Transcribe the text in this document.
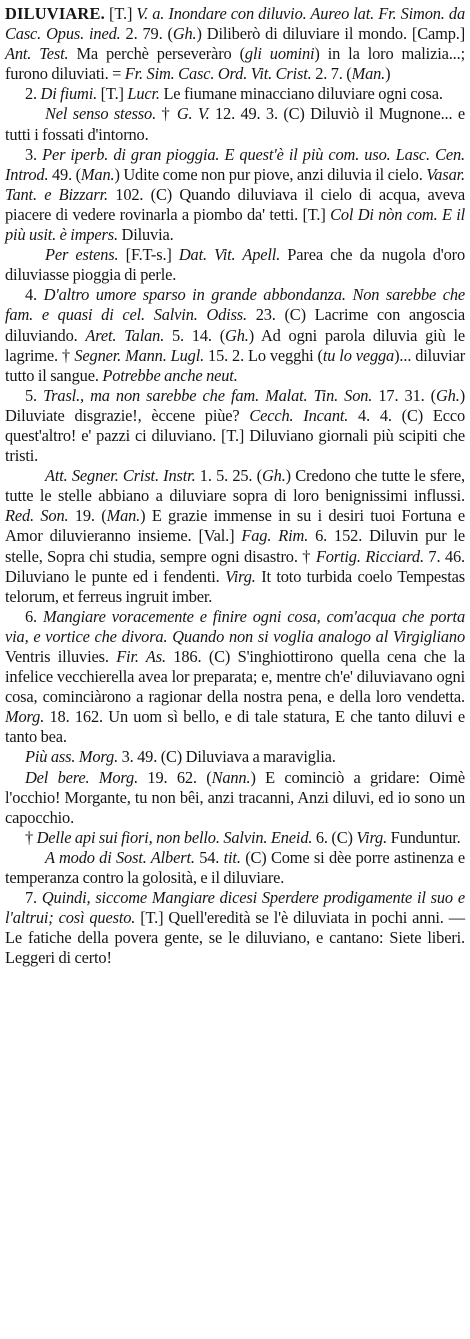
DILUVIARE. [T.] V. a. Inondare con diluvio. Aureo lat. Fr. Simon. da Casc. Opus. ined. 2. 79. (Gh.) Diliberò di diluviare il mondo. [Camp.] Ant. Test. Ma perchè perseveràro (gli uomini) in la loro malizia...; furono diluviati. = Fr. Sim. Casc. Ord. Vit. Crist. 2. 7. (Man.)

2. Di fiumi. [T.] Lucr. Le fiumane minacciano diluviare ogni cosa.

Nel senso stesso. † G. V. 12. 49. 3. (C) Diluviò il Mugnone... e tutti i fossati d'intorno.

3. Per iperb. di gran pioggia. E quest'è il più com. uso. Lasc. Cen. Introd. 49. (Man.) Udite come non pur piove, anzi diluvia il cielo. Vasar. Tant. e Bizzarr. 102. (C) Quando diluviava il cielo di acqua, aveva piacere di vedere rovinarla a piombo da' tetti. [T.] Col Di nòn com. E il più usit. è impers. Diluvia.

Per estens. [F.T-s.] Dat. Vit. Apell. Parea che da nugola d'oro diluviasse pioggia di perle.

4. D'altro umore sparso in grande abbondanza. Non sarebbe che fam. e quasi di cel. Salvin. Odiss. 23. (C) Lacrime con angoscia diluviando. Aret. Talan. 5. 14. (Gh.) Ad ogni parola diluvia giù le lagrime. † Segner. Mann. Lugl. 15. 2. Lo vegghi (tu lo vegga)... diluviar tutto il sangue. Potrebbe anche neut.

5. Trasl., ma non sarebbe che fam. Malat. Tin. Son. 17. 31. (Gh.) Diluviate disgrazie!, èccene piùe? Cecch. Incant. 4. 4. (C) Ecco quest'altro! e' pazzi ci diluviano. [T.] Diluviano giornali più scipiti che tristi.

Att. Segner. Crist. Instr. 1. 5. 25. (Gh.) Credono che tutte le sfere, tutte le stelle abbiano a diluviare sopra di loro benignissimi influssi. Red. Son. 19. (Man.) E grazie immense in su i desiri tuoi Fortuna e Amor diluvieranno insieme. [Val.] Fag. Rim. 6. 152. Diluvin pur le stelle, Sopra chi studia, sempre ogni disastro. † Fortig. Ricciard. 7. 46. Diluviano le punte ed i fendenti. Virg. It toto turbida coelo Tempestas telorum, et ferreus ingruit imber.

6. Mangiare voracemente e finire ogni cosa, com'acqua che porta via, e vortice che divora. Quando non si voglia analogo al Virgigliano Ventris illuvies. Fir. As. 186. (C) S'inghiottirono quella cena che la infelice vecchierella avea lor preparata; e, mentre ch'e' diluviavano ogni cosa, cominciàrono a ragionar della nostra pena, e della loro vendetta. Morg. 18. 162. Un uom sì bello, e di tale statura, E che tanto diluvi e tanto bea.

Più ass. Morg. 3. 49. (C) Diluviava a maraviglia.

Del bere. Morg. 19. 62. (Nann.) E cominciò a gridare: Oimè l'occhio! Morgante, tu non bêi, anzi tracanni, Anzi diluvi, ed io sono un capocchio.

† Delle api sui fiori, non bello. Salvin. Eneid. 6. (C) Virg. Funduntur.

A modo di Sost. Albert. 54. tit. (C) Come si dèe porre astinenza e temperanza contro la golosità, e il diluviare.

7. Quindi, siccome Mangiare dicesi Sperdere prodigamente il suo e l'altrui; così questo. [T.] Quell'eredità se l'è diluviata in pochi anni. — Le fatiche della povera gente, se le diluviano, e cantano: Siete liberi. Leggeri di certo!
